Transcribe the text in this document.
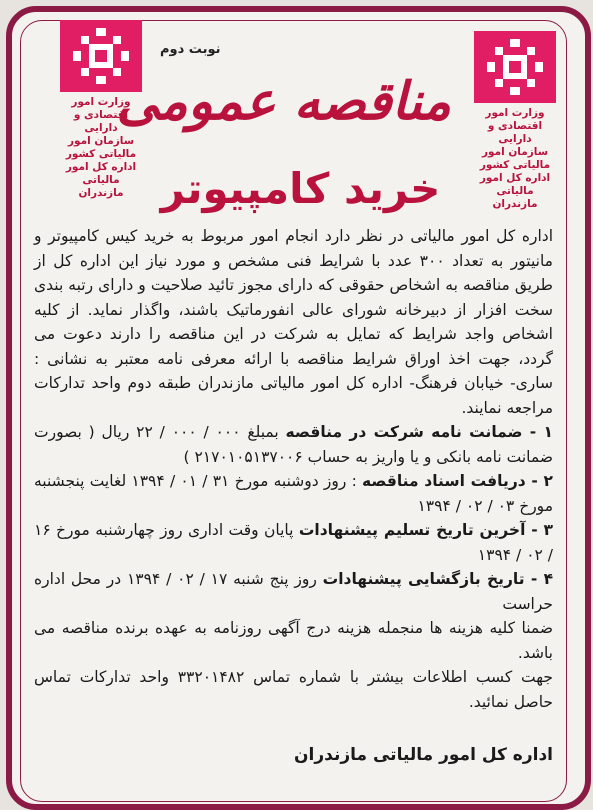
وزارت امور
اقتصادی و دارایی
سازمان امور
مالیاتی کشور
اداره کل امور مالیاتی
مازندران
وزارت امور
اقتصادی و دارایی
سازمان امور
مالیاتی کشور
اداره کل امور مالیاتی
مازندران
نوبت دوم
مناقصه عمومی
خرید کامپیوتر

اداره کل امور مالیاتی در نظر دارد انجام امور مربوط به خرید کیس کامپیوتر و مانیتور به تعداد ۳۰۰ عدد با شرایط فنی مشخص و مورد نیاز این اداره کل از طریق مناقصه به اشخاص حقوقی که دارای مجوز تائید صلاحیت و دارای رتبه بندی سخت افزار از دبیرخانه شورای عالی انفورماتیک باشند، واگذار نماید. از کلیه اشخاص واجد شرایط که تمایل به شرکت در این مناقصه را دارند دعوت می گردد، جهت اخذ اوراق شرایط مناقصه با ارائه معرفی نامه معتبر به نشانی : ساری- خیابان فرهنگ- اداره کل امور مالیاتی مازندران طبقه دوم واحد تدارکات مراجعه نمایند.

۱ - ضمانت نامه شرکت در مناقصه بمبلغ ۰۰۰ / ۰۰۰ / ۲۲ ریال ( بصورت ضمانت نامه بانکی و یا واریز به حساب ۲۱۷۰۱۰۵۱۳۷۰۰۶ )

۲ - دریافت اسناد مناقصه : روز دوشنبه مورخ ۳۱ / ۰۱ / ۱۳۹۴ لغایت پنجشنبه مورخ ۰۳ / ۰۲ / ۱۳۹۴

۳ - آخرین تاریخ تسلیم پیشنهادات پایان وقت اداری روز چهارشنبه مورخ ۱۶ / ۰۲ / ۱۳۹۴

۴ - تاریخ بازگشایی پیشنهادات روز پنج شنبه ۱۷ / ۰۲ / ۱۳۹۴ در محل اداره حراست

ضمنا کلیه هزینه ها منجمله هزینه درج آگهی روزنامه به عهده برنده مناقصه می باشد.

جهت کسب اطلاعات بیشتر با شماره تماس ۳۳۲۰۱۴۸۲ واحد تدارکات تماس حاصل نمائید.

اداره کل امور مالیاتی مازندران
